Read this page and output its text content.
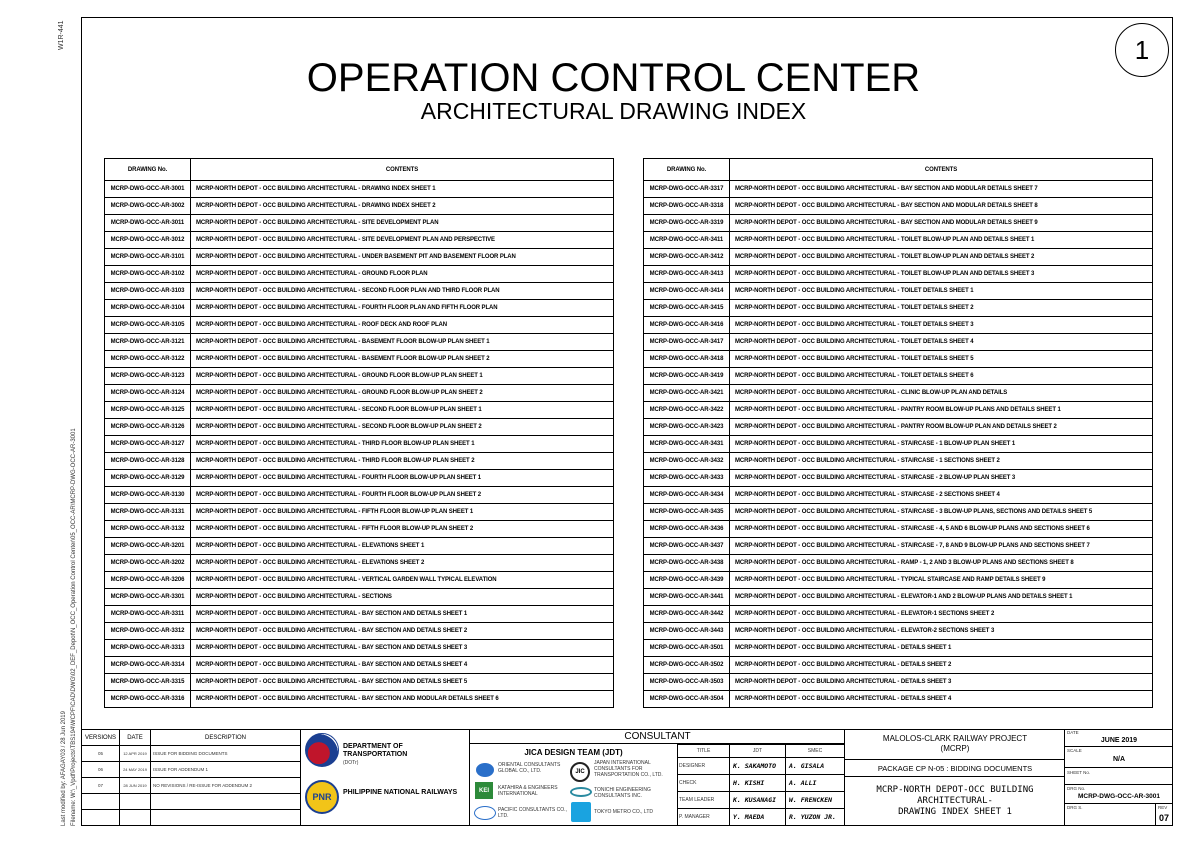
W1R-441
Last modified by: AFAGAY03 / 28 Jun 2019 Filename: W:\_Vpdf\Projects\TBS194\WCPF\CAD\DWG\02_DEF_Depot\N_OCC_Operation Control Center\05_OCC-AR\MCRP-DWG-OCC-AR-3001
OPERATION CONTROL CENTER
ARCHITECTURAL DRAWING INDEX
1
DRAWING No.	CONTENTS
MCRP-DWG-OCC-AR-3001	MCRP-NORTH DEPOT - OCC BUILDING ARCHITECTURAL - DRAWING INDEX SHEET 1
MCRP-DWG-OCC-AR-3002	MCRP-NORTH DEPOT - OCC BUILDING ARCHITECTURAL - DRAWING INDEX SHEET 2
MCRP-DWG-OCC-AR-3011	MCRP-NORTH DEPOT - OCC BUILDING ARCHITECTURAL - SITE DEVELOPMENT PLAN
MCRP-DWG-OCC-AR-3012	MCRP-NORTH DEPOT - OCC BUILDING ARCHITECTURAL - SITE DEVELOPMENT PLAN AND PERSPECTIVE
MCRP-DWG-OCC-AR-3101	MCRP-NORTH DEPOT - OCC BUILDING ARCHITECTURAL - UNDER BASEMENT PIT AND BASEMENT FLOOR PLAN
MCRP-DWG-OCC-AR-3102	MCRP-NORTH DEPOT - OCC BUILDING ARCHITECTURAL - GROUND FLOOR PLAN
MCRP-DWG-OCC-AR-3103	MCRP-NORTH DEPOT - OCC BUILDING ARCHITECTURAL - SECOND FLOOR PLAN AND THIRD FLOOR PLAN
MCRP-DWG-OCC-AR-3104	MCRP-NORTH DEPOT - OCC BUILDING ARCHITECTURAL - FOURTH FLOOR PLAN AND FIFTH FLOOR PLAN
MCRP-DWG-OCC-AR-3105	MCRP-NORTH DEPOT - OCC BUILDING ARCHITECTURAL - ROOF DECK AND ROOF PLAN
MCRP-DWG-OCC-AR-3121	MCRP-NORTH DEPOT - OCC BUILDING ARCHITECTURAL - BASEMENT FLOOR BLOW-UP PLAN SHEET 1
MCRP-DWG-OCC-AR-3122	MCRP-NORTH DEPOT - OCC BUILDING ARCHITECTURAL - BASEMENT FLOOR BLOW-UP PLAN SHEET 2
MCRP-DWG-OCC-AR-3123	MCRP-NORTH DEPOT - OCC BUILDING ARCHITECTURAL - GROUND FLOOR BLOW-UP PLAN SHEET 1
MCRP-DWG-OCC-AR-3124	MCRP-NORTH DEPOT - OCC BUILDING ARCHITECTURAL - GROUND FLOOR BLOW-UP PLAN SHEET 2
MCRP-DWG-OCC-AR-3125	MCRP-NORTH DEPOT - OCC BUILDING ARCHITECTURAL - SECOND FLOOR BLOW-UP PLAN SHEET 1
MCRP-DWG-OCC-AR-3126	MCRP-NORTH DEPOT - OCC BUILDING ARCHITECTURAL - SECOND FLOOR BLOW-UP PLAN SHEET 2
MCRP-DWG-OCC-AR-3127	MCRP-NORTH DEPOT - OCC BUILDING ARCHITECTURAL - THIRD FLOOR BLOW-UP PLAN SHEET 1
MCRP-DWG-OCC-AR-3128	MCRP-NORTH DEPOT - OCC BUILDING ARCHITECTURAL - THIRD FLOOR BLOW-UP PLAN SHEET 2
MCRP-DWG-OCC-AR-3129	MCRP-NORTH DEPOT - OCC BUILDING ARCHITECTURAL - FOURTH FLOOR BLOW-UP PLAN SHEET 1
MCRP-DWG-OCC-AR-3130	MCRP-NORTH DEPOT - OCC BUILDING ARCHITECTURAL - FOURTH FLOOR BLOW-UP PLAN SHEET 2
MCRP-DWG-OCC-AR-3131	MCRP-NORTH DEPOT - OCC BUILDING ARCHITECTURAL - FIFTH FLOOR BLOW-UP PLAN SHEET 1
MCRP-DWG-OCC-AR-3132	MCRP-NORTH DEPOT - OCC BUILDING ARCHITECTURAL - FIFTH FLOOR BLOW-UP PLAN SHEET 2
MCRP-DWG-OCC-AR-3201	MCRP-NORTH DEPOT - OCC BUILDING ARCHITECTURAL - ELEVATIONS SHEET 1
MCRP-DWG-OCC-AR-3202	MCRP-NORTH DEPOT - OCC BUILDING ARCHITECTURAL - ELEVATIONS SHEET 2
MCRP-DWG-OCC-AR-3206	MCRP-NORTH DEPOT - OCC BUILDING ARCHITECTURAL - VERTICAL GARDEN WALL TYPICAL ELEVATION
MCRP-DWG-OCC-AR-3301	MCRP-NORTH DEPOT - OCC BUILDING ARCHITECTURAL - SECTIONS
MCRP-DWG-OCC-AR-3311	MCRP-NORTH DEPOT - OCC BUILDING ARCHITECTURAL - BAY SECTION AND DETAILS SHEET 1
MCRP-DWG-OCC-AR-3312	MCRP-NORTH DEPOT - OCC BUILDING ARCHITECTURAL - BAY SECTION AND DETAILS SHEET 2
MCRP-DWG-OCC-AR-3313	MCRP-NORTH DEPOT - OCC BUILDING ARCHITECTURAL - BAY SECTION AND DETAILS SHEET 3
MCRP-DWG-OCC-AR-3314	MCRP-NORTH DEPOT - OCC BUILDING ARCHITECTURAL - BAY SECTION AND DETAILS SHEET 4
MCRP-DWG-OCC-AR-3315	MCRP-NORTH DEPOT - OCC BUILDING ARCHITECTURAL - BAY SECTION AND DETAILS SHEET 5
MCRP-DWG-OCC-AR-3316	MCRP-NORTH DEPOT - OCC BUILDING ARCHITECTURAL - BAY SECTION AND MODULAR DETAILS SHEET 6
DRAWING No.	CONTENTS
MCRP-DWG-OCC-AR-3317	MCRP-NORTH DEPOT - OCC BUILDING ARCHITECTURAL - BAY SECTION AND MODULAR DETAILS SHEET 7
MCRP-DWG-OCC-AR-3318	MCRP-NORTH DEPOT - OCC BUILDING ARCHITECTURAL - BAY SECTION AND MODULAR DETAILS SHEET 8
MCRP-DWG-OCC-AR-3319	MCRP-NORTH DEPOT - OCC BUILDING ARCHITECTURAL - BAY SECTION AND MODULAR DETAILS SHEET 9
MCRP-DWG-OCC-AR-3411	MCRP-NORTH DEPOT - OCC BUILDING ARCHITECTURAL - TOILET BLOW-UP PLAN AND DETAILS SHEET 1
MCRP-DWG-OCC-AR-3412	MCRP-NORTH DEPOT - OCC BUILDING ARCHITECTURAL - TOILET BLOW-UP PLAN AND DETAILS SHEET 2
MCRP-DWG-OCC-AR-3413	MCRP-NORTH DEPOT - OCC BUILDING ARCHITECTURAL - TOILET BLOW-UP PLAN AND DETAILS SHEET 3
MCRP-DWG-OCC-AR-3414	MCRP-NORTH DEPOT - OCC BUILDING ARCHITECTURAL - TOILET DETAILS SHEET 1
MCRP-DWG-OCC-AR-3415	MCRP-NORTH DEPOT - OCC BUILDING ARCHITECTURAL - TOILET DETAILS SHEET 2
MCRP-DWG-OCC-AR-3416	MCRP-NORTH DEPOT - OCC BUILDING ARCHITECTURAL - TOILET DETAILS SHEET 3
MCRP-DWG-OCC-AR-3417	MCRP-NORTH DEPOT - OCC BUILDING ARCHITECTURAL - TOILET DETAILS SHEET 4
MCRP-DWG-OCC-AR-3418	MCRP-NORTH DEPOT - OCC BUILDING ARCHITECTURAL - TOILET DETAILS SHEET 5
MCRP-DWG-OCC-AR-3419	MCRP-NORTH DEPOT - OCC BUILDING ARCHITECTURAL - TOILET DETAILS SHEET 6
MCRP-DWG-OCC-AR-3421	MCRP-NORTH DEPOT - OCC BUILDING ARCHITECTURAL - CLINIC BLOW-UP PLAN AND DETAILS
MCRP-DWG-OCC-AR-3422	MCRP-NORTH DEPOT - OCC BUILDING ARCHITECTURAL - PANTRY ROOM BLOW-UP PLANS AND DETAILS SHEET 1
MCRP-DWG-OCC-AR-3423	MCRP-NORTH DEPOT - OCC BUILDING ARCHITECTURAL - PANTRY ROOM BLOW-UP PLAN AND DETAILS SHEET 2
MCRP-DWG-OCC-AR-3431	MCRP-NORTH DEPOT - OCC BUILDING ARCHITECTURAL - STAIRCASE - 1 BLOW-UP PLAN SHEET 1
MCRP-DWG-OCC-AR-3432	MCRP-NORTH DEPOT - OCC BUILDING ARCHITECTURAL - STAIRCASE - 1 SECTIONS SHEET 2
MCRP-DWG-OCC-AR-3433	MCRP-NORTH DEPOT - OCC BUILDING ARCHITECTURAL - STAIRCASE - 2 BLOW-UP PLAN SHEET 3
MCRP-DWG-OCC-AR-3434	MCRP-NORTH DEPOT - OCC BUILDING ARCHITECTURAL - STAIRCASE - 2 SECTIONS SHEET 4
MCRP-DWG-OCC-AR-3435	MCRP-NORTH DEPOT - OCC BUILDING ARCHITECTURAL - STAIRCASE - 3 BLOW-UP PLANS, SECTIONS AND DETAILS SHEET 5
MCRP-DWG-OCC-AR-3436	MCRP-NORTH DEPOT - OCC BUILDING ARCHITECTURAL - STAIRCASE - 4, 5 AND 6 BLOW-UP PLANS AND SECTIONS SHEET 6
MCRP-DWG-OCC-AR-3437	MCRP-NORTH DEPOT - OCC BUILDING ARCHITECTURAL - STAIRCASE - 7, 8 AND 9 BLOW-UP PLANS AND SECTIONS SHEET 7
MCRP-DWG-OCC-AR-3438	MCRP-NORTH DEPOT - OCC BUILDING ARCHITECTURAL - RAMP - 1, 2 AND 3 BLOW-UP PLANS AND SECTIONS SHEET 8
MCRP-DWG-OCC-AR-3439	MCRP-NORTH DEPOT - OCC BUILDING ARCHITECTURAL - TYPICAL STAIRCASE AND RAMP DETAILS SHEET 9
MCRP-DWG-OCC-AR-3441	MCRP-NORTH DEPOT - OCC BUILDING ARCHITECTURAL - ELEVATOR-1 AND 2 BLOW-UP PLANS AND DETAILS SHEET 1
MCRP-DWG-OCC-AR-3442	MCRP-NORTH DEPOT - OCC BUILDING ARCHITECTURAL - ELEVATOR-1 SECTIONS SHEET 2
MCRP-DWG-OCC-AR-3443	MCRP-NORTH DEPOT - OCC BUILDING ARCHITECTURAL - ELEVATOR-2 SECTIONS SHEET 3
MCRP-DWG-OCC-AR-3501	MCRP-NORTH DEPOT - OCC BUILDING ARCHITECTURAL - DETAILS SHEET 1
MCRP-DWG-OCC-AR-3502	MCRP-NORTH DEPOT - OCC BUILDING ARCHITECTURAL - DETAILS SHEET 2
MCRP-DWG-OCC-AR-3503	MCRP-NORTH DEPOT - OCC BUILDING ARCHITECTURAL - DETAILS SHEET 3
MCRP-DWG-OCC-AR-3504	MCRP-NORTH DEPOT - OCC BUILDING ARCHITECTURAL - DETAILS SHEET 4
VERSIONS	DATE	DESCRIPTION
05	12 APR 2019	ISSUE FOR BIDDING DOCUMENTS
06	24 MAY 2019	ISSUE FOR ADDENDUM 1
07	28 JUN 2019	NO REVISIONS / RE-ISSUE FOR ADDENDUM 2

DEPARTMENT OF TRANSPORTATION
(DOTr)
PNR PHILIPPINE NATIONAL RAILWAYS
CONSULTANT
JICA DESIGN TEAM (JDT)
ORIENTAL CONSULTANTS GLOBAL CO., LTD.	JIC
JAPAN INTERNATIONAL CONSULTANTS FOR TRANSPORTATION CO., LTD.
KEI KATAHIRA & ENGINEERS INTERNATIONAL
TONICHI ENGINEERING CONSULTANTS INC.
PACIFIC CONSULTANTS CO., LTD.
TOKYO METRO CO., LTD
TITLE	JDT	SMEC
DESIGNER	K. SAKAMOTO	A. GISALA
CHECK	H. KISHI	A. ALLI
TEAM LEADER	K. KUSANAGI	W. FRENCKEN
P. MANAGER	Y. MAEDA	R. YUZON JR.
MALOLOS-CLARK RAILWAY PROJECT
(MCRP)
PACKAGE CP N-05 : BIDDING DOCUMENTS
MCRP-NORTH DEPOT-OCC BUILDING
ARCHITECTURAL-
DRAWING INDEX SHEET 1
DATE
JUNE 2019
SCALE
N/A
SHEET No.
DRG No.
MCRP-DWG-OCC-AR-3001
DRG S.	REV
07
